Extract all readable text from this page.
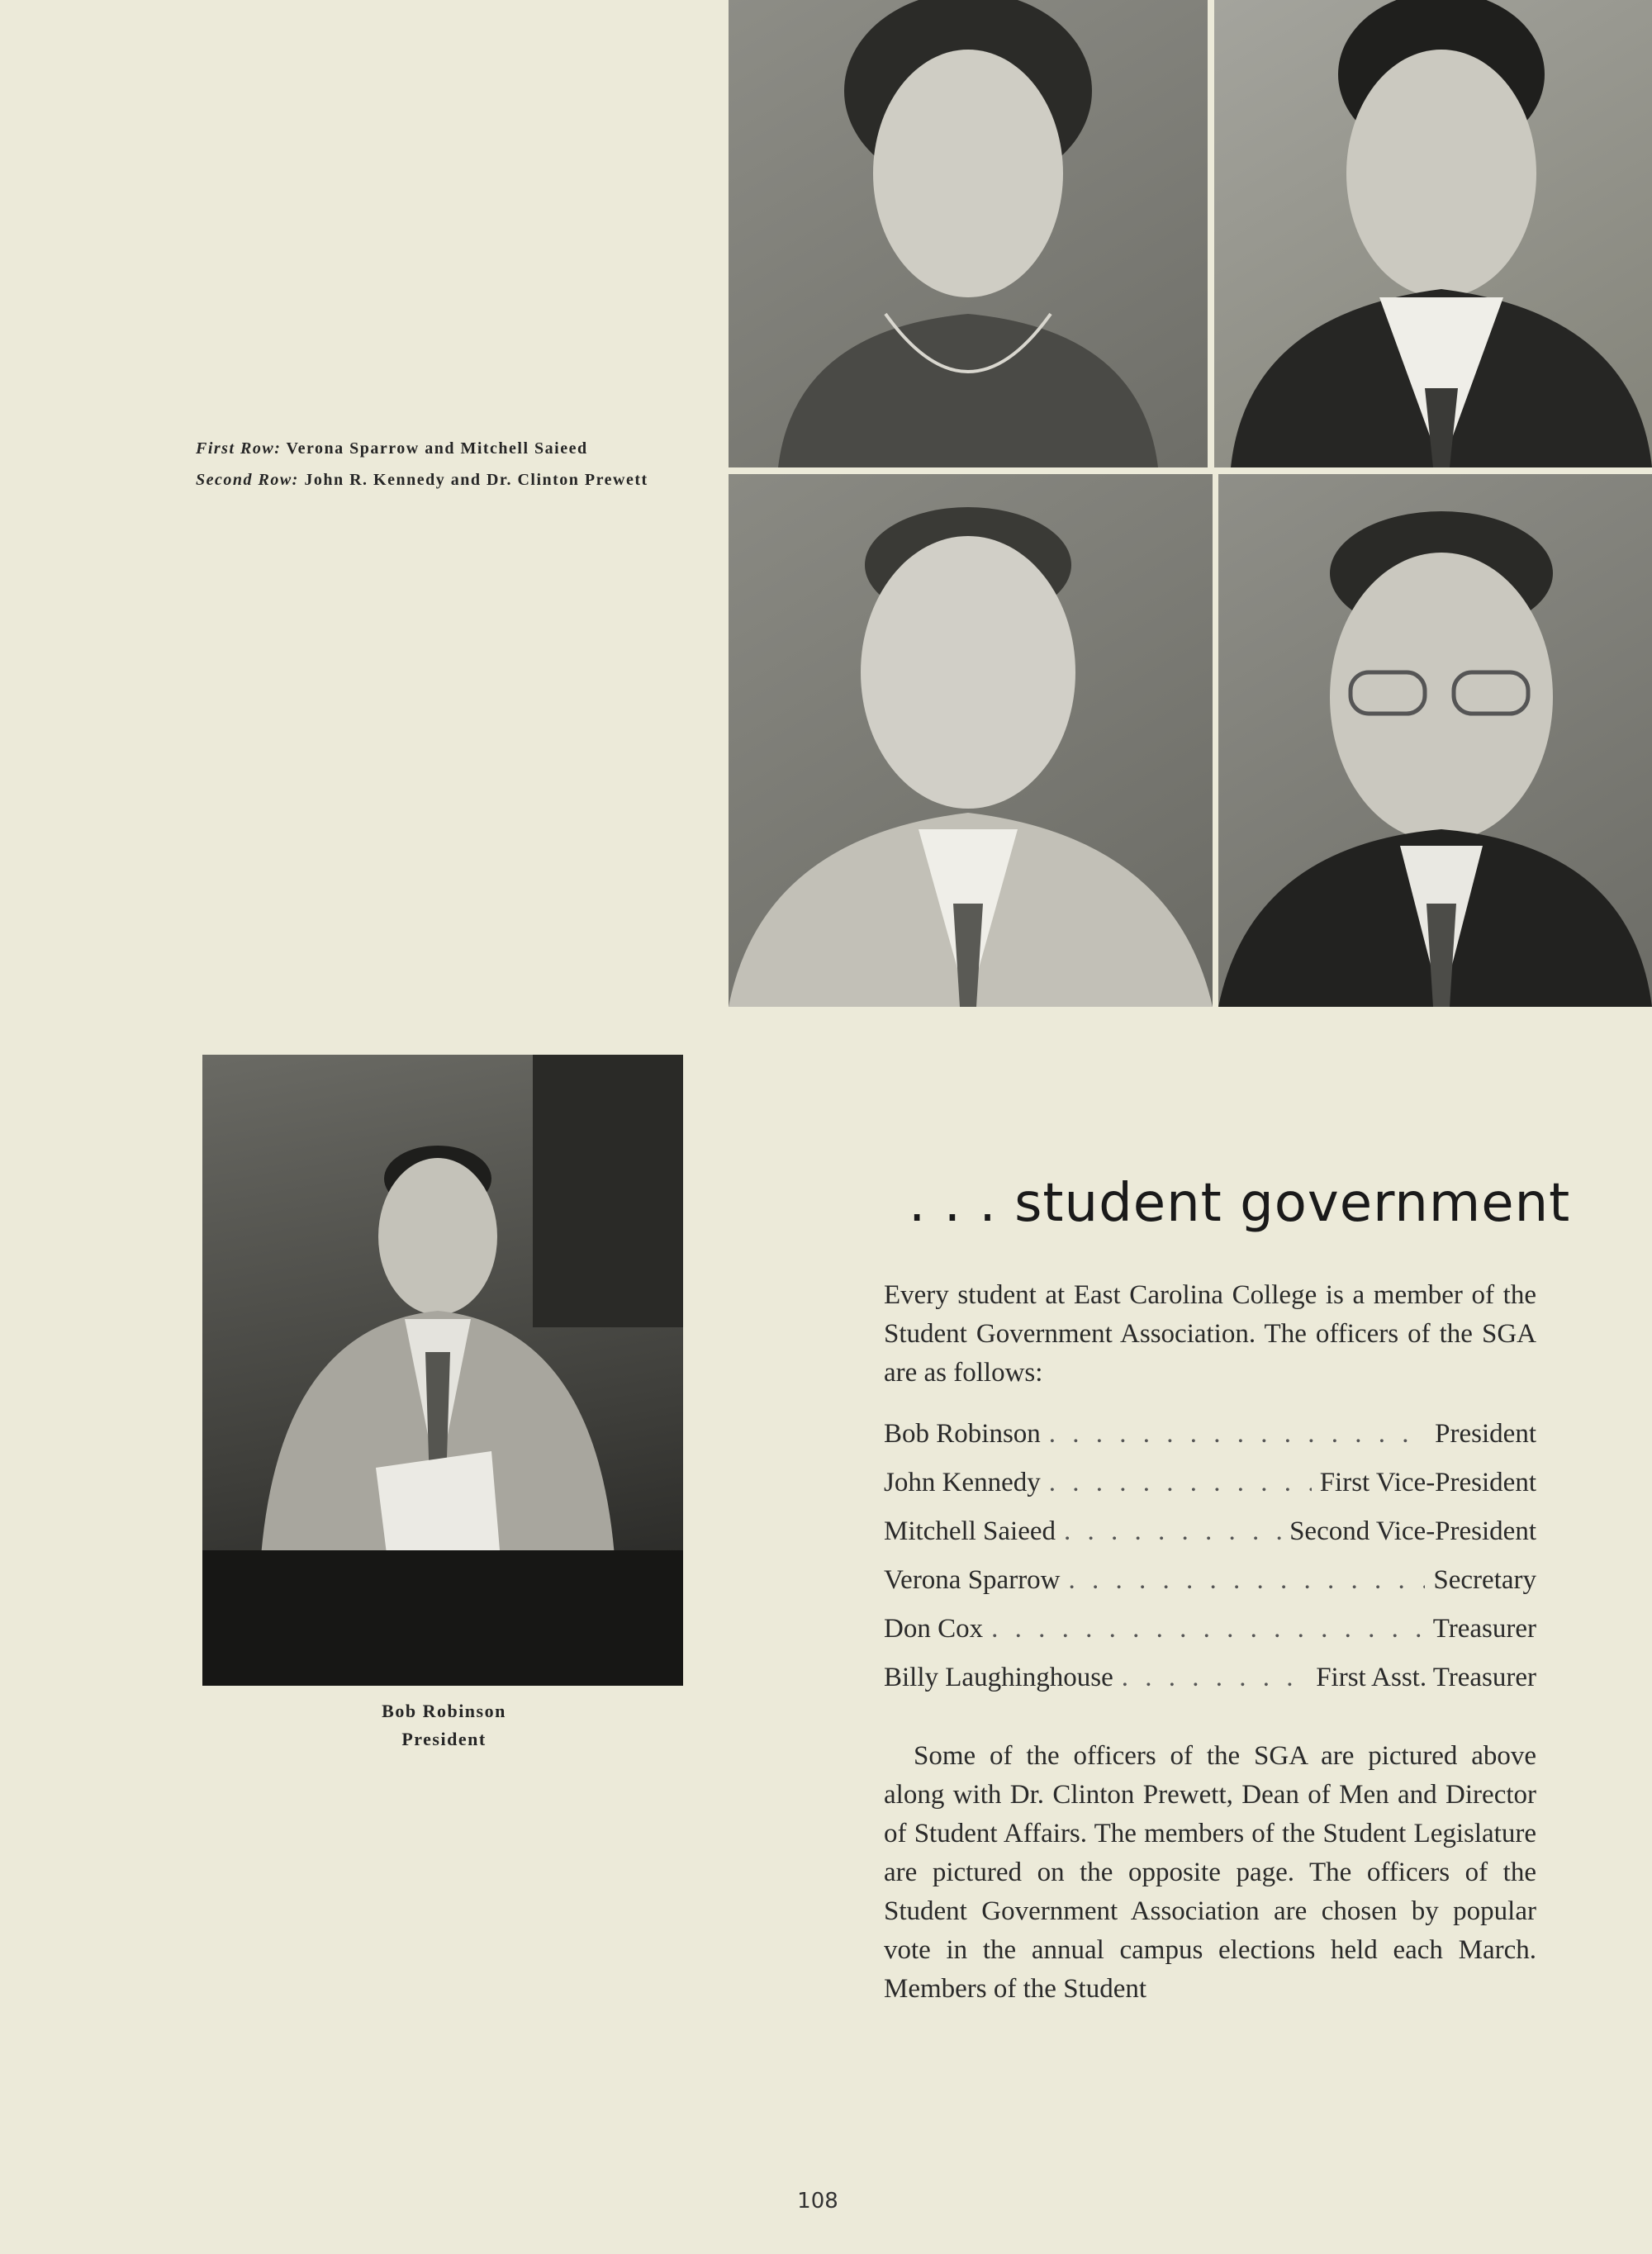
First Row: Verona Sparrow and Mitchell Saieed

Second Row: John R. Kennedy and Dr. Clinton Prewett

Bob Robinson
President
. . . student government
Every student at East Carolina College is a member of the Student Government Association. The officers of the SGA are as follows:
Bob Robinson . . .	President
John Kennedy . . .	First Vice-President
Mitchell Saieed . . .	Second Vice-President
Verona Sparrow . . .	Secretary
Don Cox . . .	Treasurer
Billy Laughinghouse . . .	First Asst. Treasurer
Some of the officers of the SGA are pictured above along with Dr. Clinton Prewett, Dean of Men and Director of Student Affairs. The members of the Student Legislature are pictured on the opposite page. The officers of the Student Government Association are chosen by popular vote in the annual campus elections held each March. Members of the Student
108
